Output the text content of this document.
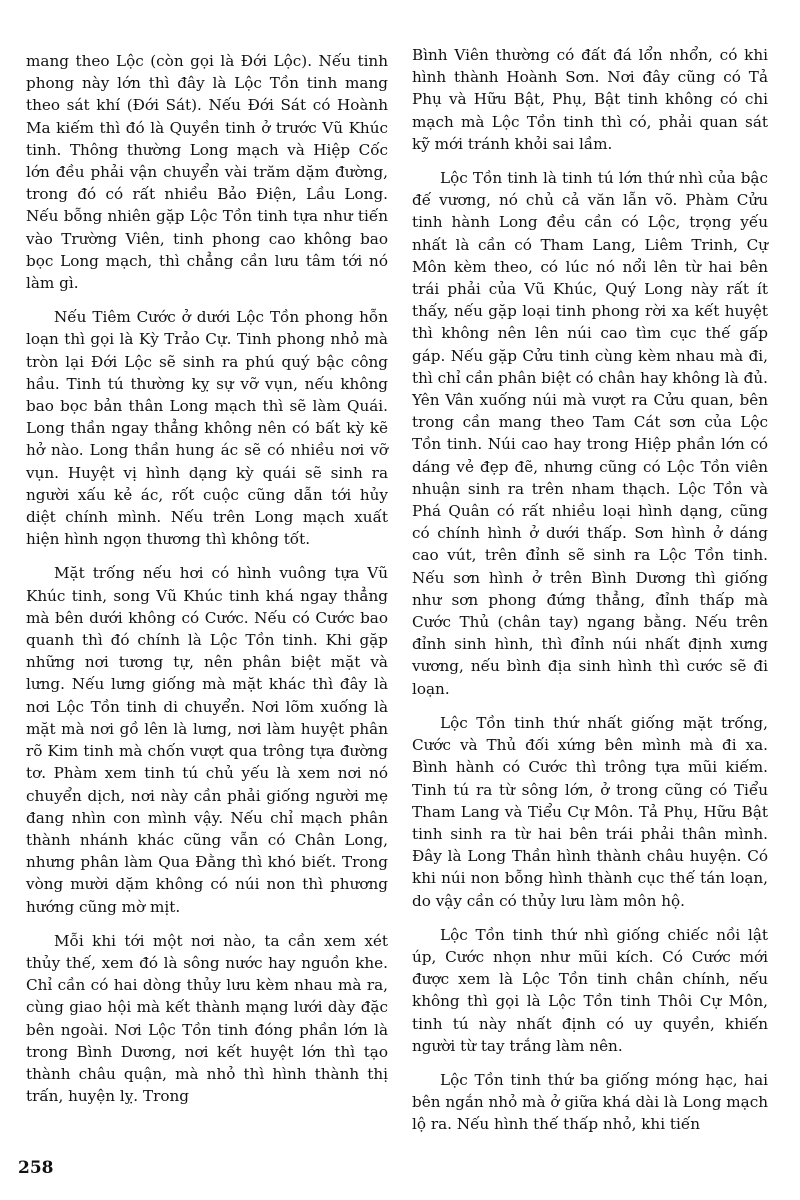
mang theo Lộc (còn gọi là Đới Lộc). Nếu tinh phong này lớn thì đây là Lộc Tồn tinh mang theo sát khí (Đới Sát). Nếu Đới Sát có Hoành Ma kiếm thì đó là Quyền tinh ở trước Vũ Khúc tinh. Thông thường Long mạch và Hiệp Cốc lớn đều phải vận chuyển vài trăm dặm đường, trong đó có rất nhiều Bảo Điện, Lầu Long. Nếu bỗng nhiên gặp Lộc Tồn tinh tựa như tiến vào Trường Viên, tinh phong cao không bao bọc Long mạch, thì chẳng cần lưu tâm tới nó làm gì.

Nếu Tiêm Cước ở dưới Lộc Tồn phong hỗn loạn thì gọi là Kỳ Trảo Cự. Tinh phong nhỏ mà tròn lại Đới Lộc sẽ sinh ra phú quý bậc công hầu. Tinh tú thường kỵ sự vỡ vụn, nếu không bao bọc bản thân Long mạch thì sẽ làm Quái. Long thần ngay thẳng không nên có bất kỳ kẽ hở nào. Long thần hung ác sẽ có nhiều nơi vỡ vụn. Huyệt vị hình dạng kỳ quái sẽ sinh ra người xấu kẻ ác, rốt cuộc cũng dẫn tới hủy diệt chính mình. Nếu trên Long mạch xuất hiện hình ngọn thương thì không tốt.

Mặt trống nếu hơi có hình vuông tựa Vũ Khúc tinh, song Vũ Khúc tinh khá ngay thẳng mà bên dưới không có Cước. Nếu có Cước bao quanh thì đó chính là Lộc Tồn tinh. Khi gặp những nơi tương tự, nên phân biệt mặt và lưng. Nếu lưng giống mà mặt khác thì đây là nơi Lộc Tồn tinh di chuyển. Nơi lõm xuống là mặt mà nơi gồ lên là lưng, nơi làm huyệt phân rõ Kim tinh mà chốn vượt qua trông tựa đường tơ. Phàm xem tinh tú chủ yếu là xem nơi nó chuyển dịch, nơi này cần phải giống người mẹ đang nhìn con mình vậy. Nếu chỉ mạch phân thành nhánh khác cũng vẫn có Chân Long, nhưng phân làm Qua Đằng thì khó biết. Trong vòng mười dặm không có núi non thì phương hướng cũng mờ mịt.

Mỗi khi tới một nơi nào, ta cần xem xét thủy thế, xem đó là sông nước hay nguồn khe. Chỉ cần có hai dòng thủy lưu kèm nhau mà ra, cùng giao hội mà kết thành mạng lưới dày đặc bên ngoài. Nơi Lộc Tồn tinh đóng phần lớn là trong Bình Dương, nơi kết huyệt lớn thì tạo thành châu quận, mà nhỏ thì hình thành thị trấn, huyện lỵ. Trong

Bình Viên thường có đất đá lổn nhổn, có khi hình thành Hoành Sơn. Nơi đây cũng có Tả Phụ và Hữu Bật, Phụ, Bật tinh không có chi mạch mà Lộc Tồn tinh thì có, phải quan sát kỹ mới tránh khỏi sai lầm.

Lộc Tồn tinh là tinh tú lớn thứ nhì của bậc đế vương, nó chủ cả văn lẫn võ. Phàm Cửu tinh hành Long đều cần có Lộc, trọng yếu nhất là cần có Tham Lang, Liêm Trinh, Cự Môn kèm theo, có lúc nó nổi lên từ hai bên trái phải của Vũ Khúc, Quý Long này rất ít thấy, nếu gặp loại tinh phong rời xa kết huyệt thì không nên lên núi cao tìm cục thế gấp gáp. Nếu gặp Cửu tinh cùng kèm nhau mà đi, thì chỉ cần phân biệt có chân hay không là đủ. Yên Vân xuống núi mà vượt ra Cửu quan, bên trong cần mang theo Tam Cát sơn của Lộc Tồn tinh. Núi cao hay trong Hiệp phần lớn có dáng vẻ đẹp đẽ, nhưng cũng có Lộc Tồn viên nhuận sinh ra trên nham thạch. Lộc Tồn và Phá Quân có rất nhiều loại hình dạng, cũng có chính hình ở dưới thấp. Sơn hình ở dáng cao vút, trên đỉnh sẽ sinh ra Lộc Tồn tinh. Nếu sơn hình ở trên Bình Dương thì giống như sơn phong đứng thẳng, đỉnh thấp mà Cước Thủ (chân tay) ngang bằng. Nếu trên đỉnh sinh hình, thì đỉnh núi nhất định xưng vương, nếu bình địa sinh hình thì cước sẽ đi loạn.

Lộc Tồn tinh thứ nhất giống mặt trống, Cước và Thủ đối xứng bên mình mà đi xa. Bình hành có Cước thì trông tựa mũi kiếm. Tinh tú ra từ sông lớn, ở trong cũng có Tiểu Tham Lang và Tiểu Cự Môn. Tả Phụ, Hữu Bật tinh sinh ra từ hai bên trái phải thân mình. Đây là Long Thần hình thành châu huyện. Có khi núi non bỗng hình thành cục thế tán loạn, do vậy cần có thủy lưu làm môn hộ.

Lộc Tồn tinh thứ nhì giống chiếc nồi lật úp, Cước nhọn như mũi kích. Có Cước mới được xem là Lộc Tồn tinh chân chính, nếu không thì gọi là Lộc Tồn tinh Thôi Cự Môn, tinh tú này nhất định có uy quyền, khiến người từ tay trắng làm nên.

Lộc Tồn tinh thứ ba giống móng hạc, hai bên ngắn nhỏ mà ở giữa khá dài là Long mạch lộ ra. Nếu hình thế thấp nhỏ, khi tiến

258
